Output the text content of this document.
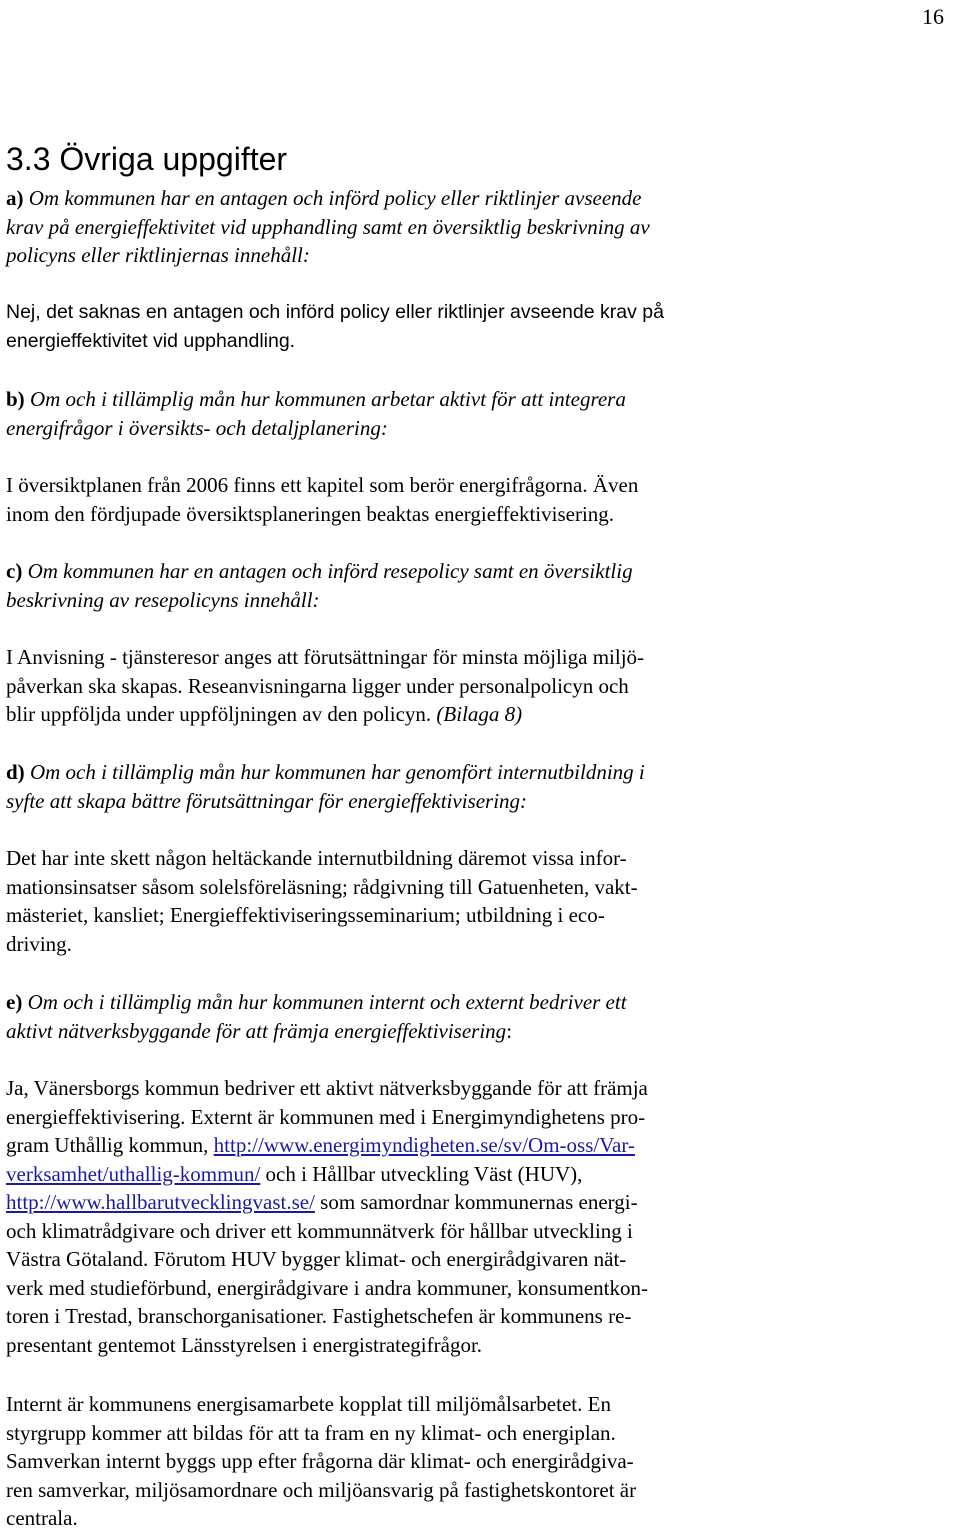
16
3.3 Övriga uppgifter

a) Om kommunen har en antagen och införd policy eller riktlinjer avseende
krav på energieffektivitet vid upphandling samt en översiktlig beskrivning av
policyns eller riktlinjernas innehåll:

Nej, det saknas en antagen och införd policy eller riktlinjer avseende krav på
energieffektivitet vid upphandling.

b) Om och i tillämplig mån hur kommunen arbetar aktivt för att integrera
energifrågor i översikts- och detaljplanering:

I översiktplanen från 2006 finns ett kapitel som berör energifrågorna. Även
inom den fördjupade översiktsplaneringen beaktas energieffektivisering.

c) Om kommunen har en antagen och införd resepolicy samt en översiktlig
beskrivning av resepolicyns innehåll:

I Anvisning - tjänsteresor anges att förutsättningar för minsta möjliga miljö-
påverkan ska skapas. Reseanvisningarna ligger under personalpolicyn och
blir uppföljda under uppföljningen av den policyn. (Bilaga 8)

d) Om och i tillämplig mån hur kommunen har genomfört internutbildning i
syfte att skapa bättre förutsättningar för energieffektivisering:

Det har inte skett någon heltäckande internutbildning däremot vissa infor-
mationsinsatser såsom solelsföreläsning; rådgivning till Gatuenheten, vakt-
mästeriet, kansliet; Energieffektiviseringsseminarium; utbildning i eco-
driving.

e) Om och i tillämplig mån hur kommunen internt och externt bedriver ett
aktivt nätverksbyggande för att främja energieffektivisering:

Ja, Vänersborgs kommun bedriver ett aktivt nätverksbyggande för att främja
energieffektivisering. Externt är kommunen med i Energimyndighetens pro-
gram Uthållig kommun, http://www.energimyndigheten.se/sv/Om-oss/Var-
verksamhet/uthallig-kommun/ och i Hållbar utveckling Väst (HUV),
http://www.hallbarutvecklingvast.se/ som samordnar kommunernas energi-
och klimatrådgivare och driver ett kommunnätverk för hållbar utveckling i
Västra Götaland. Förutom HUV bygger klimat- och energirådgivaren nät-
verk med studieförbund, energirådgivare i andra kommuner, konsumentkon-
toren i Trestad, branschorganisationer. Fastighetschefen är kommunens re-
presentant gentemot Länsstyrelsen i energistrategifrågor.

Internt är kommunens energisamarbete kopplat till miljömålsarbetet. En
styrgrupp kommer att bildas för att ta fram en ny klimat- och energiplan.
Samverkan internt byggs upp efter frågorna där klimat- och energirådgiva-
ren samverkar, miljösamordnare och miljöansvarig på fastighetskontoret är
centrala.
